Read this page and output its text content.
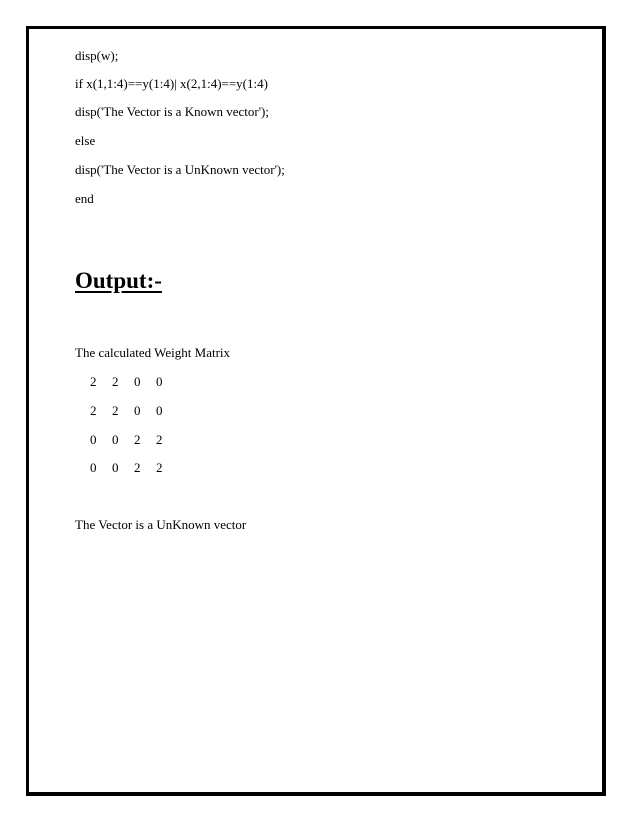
disp(w);
if x(1,1:4)==y(1:4)| x(2,1:4)==y(1:4)
disp('The Vector is a Known vector');
else
disp('The Vector is a UnKnown vector');
end
Output:-
The calculated Weight Matrix
2	2	0	0
2	2	0	0
0	0	2	2
0	0	2	2
The Vector is a UnKnown vector
